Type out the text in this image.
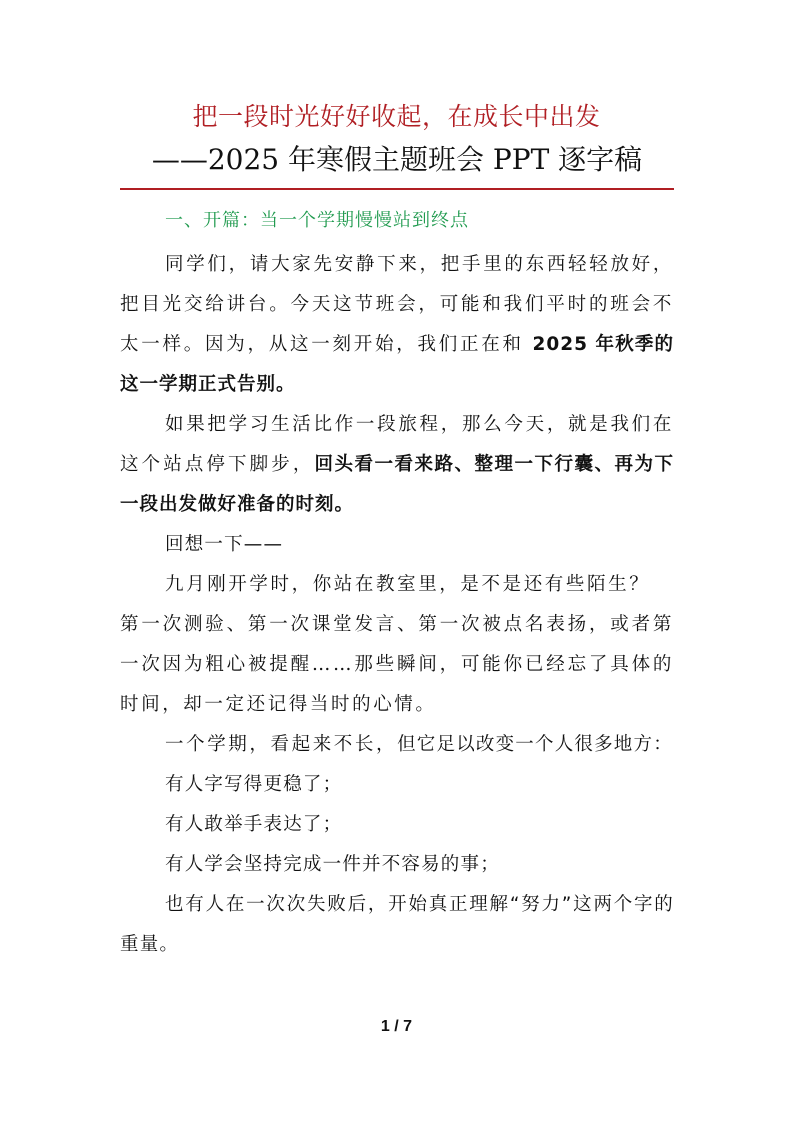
把一段时光好好收起，在成长中出发
——2025 年寒假主题班会 PPT 逐字稿
一、开篇：当一个学期慢慢站到终点

同学们，请大家先安静下来，把手里的东西轻轻放好，把目光交给讲台。今天这节班会，可能和我们平时的班会不太一样。因为，从这一刻开始，我们正在和 2025 年秋季的这一学期正式告别。

如果把学习生活比作一段旅程，那么今天，就是我们在这个站点停下脚步，回头看一看来路、整理一下行囊、再为下一段出发做好准备的时刻。

回想一下——

九月刚开学时，你站在教室里，是不是还有些陌生？

第一次测验、第一次课堂发言、第一次被点名表扬，或者第一次因为粗心被提醒……那些瞬间，可能你已经忘了具体的时间，却一定还记得当时的心情。

一个学期，看起来不长，但它足以改变一个人很多地方：

有人字写得更稳了；

有人敢举手表达了；

有人学会坚持完成一件并不容易的事；

也有人在一次次失败后，开始真正理解“努力”这两个字的重量。

1 / 7
